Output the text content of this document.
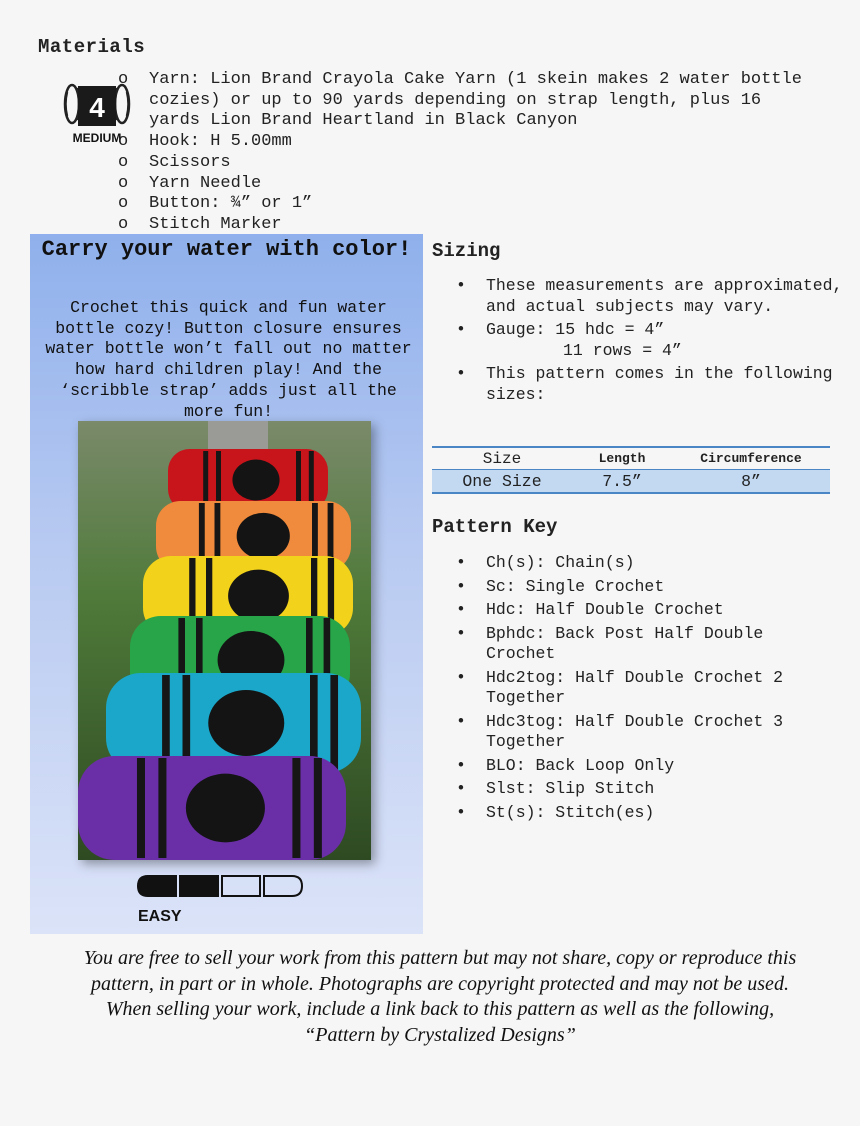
Materials
4
MEDIUM
o Yarn: Lion Brand Crayola Cake Yarn (1 skein makes 2 water bottle cozies) or up to 90 yards depending on strap length, plus 16 yards Lion Brand Heartland in Black Canyon
o Hook: H 5.00mm
o Scissors
o Yarn Needle
o Button: ¾” or 1”
o Stitch Marker
Carry your water with color!
Crochet this quick and fun water bottle cozy! Button closure ensures water bottle won’t fall out no matter how hard children play! And the ‘scribble strap’ adds just all the more fun!
EASY
Sizing
• These measurements are approximated, and actual subjects may vary.
• Gauge: 15 hdc = 4”
11 rows = 4”
• This pattern comes in the following sizes:
Size	Length	Circumference
One Size	7.5”	8”
Pattern Key
• Ch(s): Chain(s)
• Sc: Single Crochet
• Hdc: Half Double Crochet
• Bphdc: Back Post Half Double Crochet
• Hdc2tog: Half Double Crochet 2 Together
• Hdc3tog: Half Double Crochet 3 Together
• BLO: Back Loop Only
• Slst: Slip Stitch
• St(s): Stitch(es)
You are free to sell your work from this pattern but may not share, copy or reproduce this pattern, in part or in whole. Photographs are copyright protected and may not be used. When selling your work, include a link back to this pattern as well as the following, “Pattern by Crystalized Designs”
